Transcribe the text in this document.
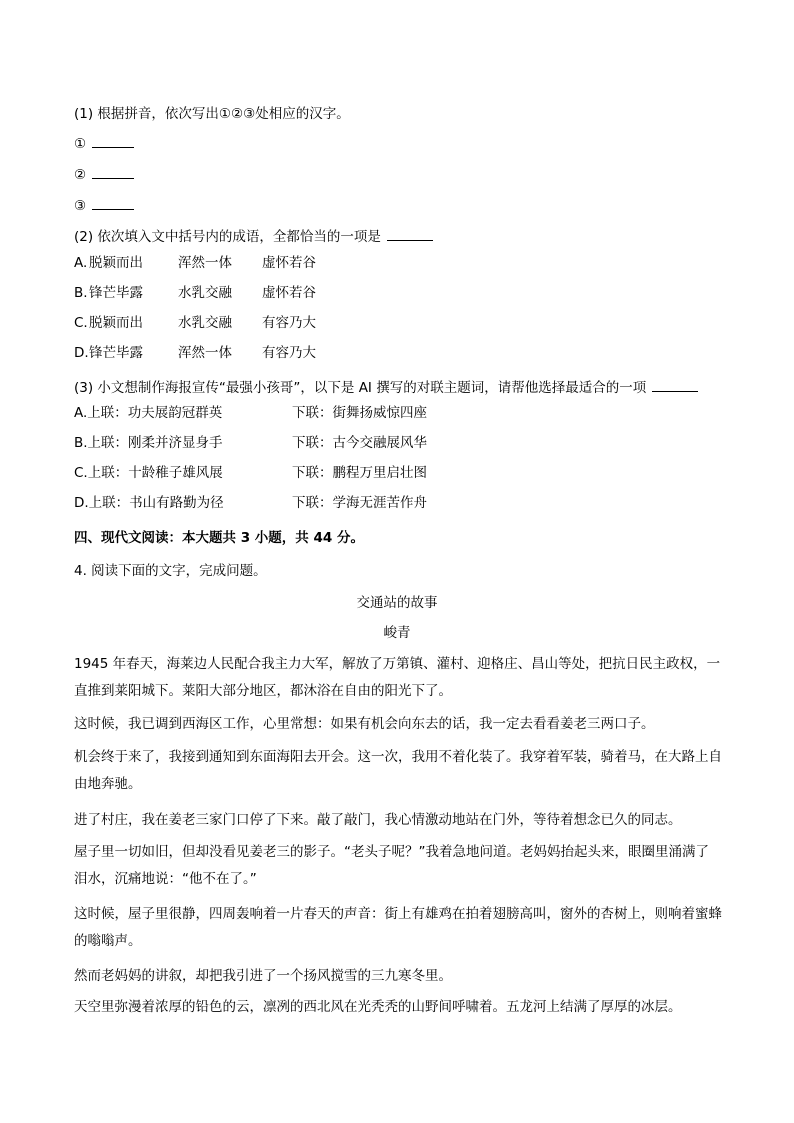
(1) 根据拼音，依次写出①②③处相应的汉字。
①
②
③
(2) 依次填入文中括号内的成语，全都恰当的一项是
A. 脱颖而出	浑然一体 虚怀若谷
B. 锋芒毕露	水乳交融 虚怀若谷
C. 脱颖而出	水乳交融 有容乃大
D. 锋芒毕露	浑然一体 有容乃大
(3) 小文想制作海报宣传“最强小孩哥”，以下是 AI 撰写的对联主题词，请帮他选择最适合的一项
A.上联：功夫展韵冠群英	下联：街舞扬威惊四座
B.上联：刚柔并济显身手	下联：古今交融展风华
C.上联：十龄稚子雄风展	下联：鹏程万里启壮图
D.上联：书山有路勤为径	下联：学海无涯苦作舟
四、现代文阅读：本大题共 3 小题，共 44 分。
4. 阅读下面的文字，完成问题。
交通站的故事
峻青
1945 年春天，海莱边人民配合我主力大军，解放了万第镇、灌村、迎格庄、昌山等处，把抗日民主政权，一直推到莱阳城下。莱阳大部分地区，都沐浴在自由的阳光下了。
这时候，我已调到西海区工作，心里常想：如果有机会向东去的话，我一定去看看姜老三两口子。
机会终于来了，我接到通知到东面海阳去开会。这一次，我用不着化装了。我穿着军装，骑着马，在大路上自由地奔驰。
进了村庄，我在姜老三家门口停了下来。敲了敲门，我心情激动地站在门外，等待着想念已久的同志。
屋子里一切如旧，但却没看见姜老三的影子。“老头子呢？”我着急地问道。老妈妈抬起头来，眼圈里涌满了泪水，沉痛地说：“他不在了。”
这时候，屋子里很静，四周轰响着一片春天的声音：街上有雄鸡在拍着翅膀高叫，窗外的杏树上，则响着蜜蜂的嗡嗡声。
然而老妈妈的讲叙，却把我引进了一个扬风搅雪的三九寒冬里。
天空里弥漫着浓厚的铅色的云，凛冽的西北风在光秃秃的山野间呼啸着。五龙河上结满了厚厚的冰层。
